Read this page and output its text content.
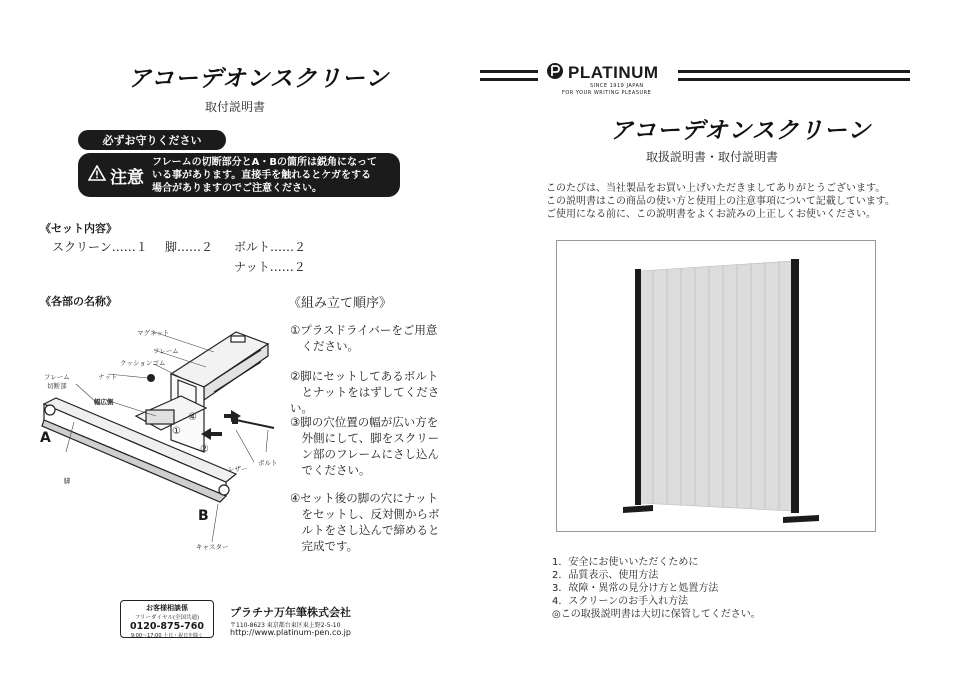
アコーデオンスクリーン
取付説明書
必ずお守りください
注意
フレームの切断部分とA・Bの箇所は鋭角になって
いる事があります。直接手を触れるとケガをする
場合がありますのでご注意ください。
《セット内容》
スクリーン……１ 脚……２ ボルト……２
ナット……２
《各部の名称》
マグネット
フレーム
クッションゴム
ナット
フレーム
切断部
幅広側
A
脚
B
レザー
ボルト
キャスター
①
②
③
④
《組み立て順序》
①プラスドライバーをご用意
　ください。
②脚にセットしてあるボルト
　とナットをはずしてください。
③脚の穴位置の幅が広い方を
　外側にして、脚をスクリー
　ン部のフレームにさし込ん
　でください。
④セット後の脚の穴にナット
　をセットし、反対側からボ
　ルトをさし込んで締めると
　完成です。
お客様相談係
フリーダイヤル(全国共通)
0120-875-760
9:00～17:00 土日・祝日を除く
プラチナ万年筆株式会社
〒110-8623 東京都台東区東上野2-5-10
http://www.platinum-pen.co.jp
PLATINUM
SINCE 1919 JAPAN
FOR YOUR WRITING PLEASURE
アコーデオンスクリーン
取扱説明書・取付説明書
このたびは、当社製品をお買い上げいただきましてありがとうございます。
この説明書はこの商品の使い方と使用上の注意事項について記載しています。
ご使用になる前に、この説明書をよくお読みの上正しくお使いください。
1．安全にお使いいただくために
2．品質表示、使用方法
3．故障・異常の見分け方と処置方法
4．スクリーンのお手入れ方法
◎この取扱説明書は大切に保管してください。
